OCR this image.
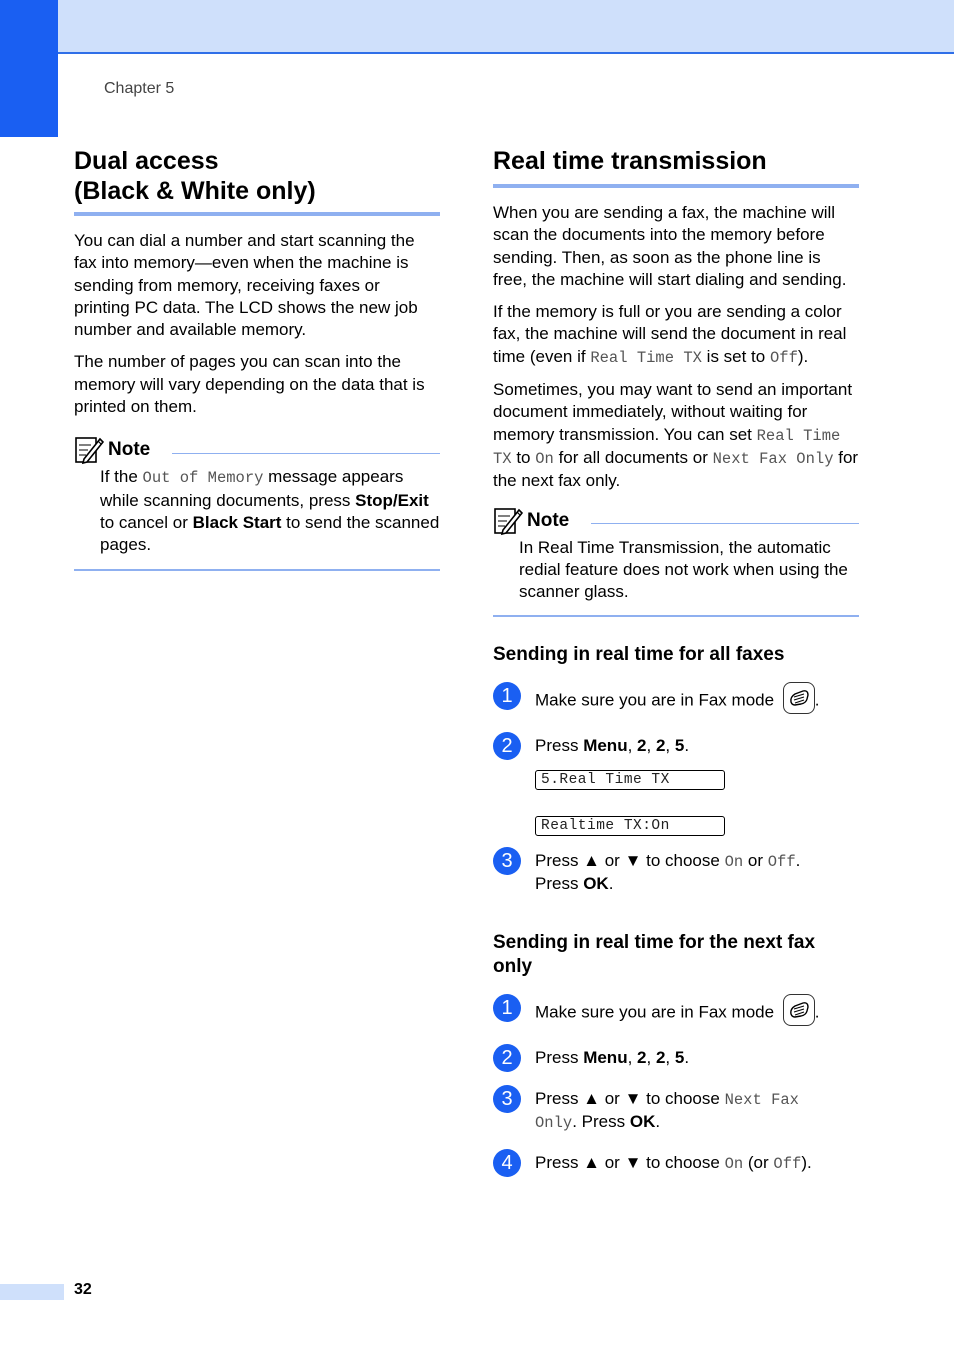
Chapter 5
Dual access
(Black & White only)

You can dial a number and start scanning the fax into memory—even when the machine is sending from memory, receiving faxes or printing PC data. The LCD shows the new job number and available memory.

The number of pages you can scan into the memory will vary depending on the data that is printed on them.

Note
If the Out of Memory message appears while scanning documents, press Stop/Exit to cancel or Black Start to send the scanned pages.
Real time transmission

When you are sending a fax, the machine will scan the documents into the memory before sending. Then, as soon as the phone line is free, the machine will start dialing and sending.

If the memory is full or you are sending a color fax, the machine will send the document in real time (even if Real Time TX is set to Off).

Sometimes, you may want to send an important document immediately, without waiting for memory transmission. You can set Real Time TX to On for all documents or Next Fax Only for the next fax only.

Note
In Real Time Transmission, the automatic redial feature does not work when using the scanner glass.
Sending in real time for all faxes
1	Make sure you are in Fax mode .
2	Press Menu, 2, 2, 5.
5.Real Time TX
Realtime TX:On
3	Press ▲ or ▼ to choose On or Off.
Press OK.
Sending in real time for the next fax only
1	Make sure you are in Fax mode .
2	Press Menu, 2, 2, 5.
3	Press ▲ or ▼ to choose Next Fax
Only. Press OK.
4	Press ▲ or ▼ to choose On (or Off).
32
